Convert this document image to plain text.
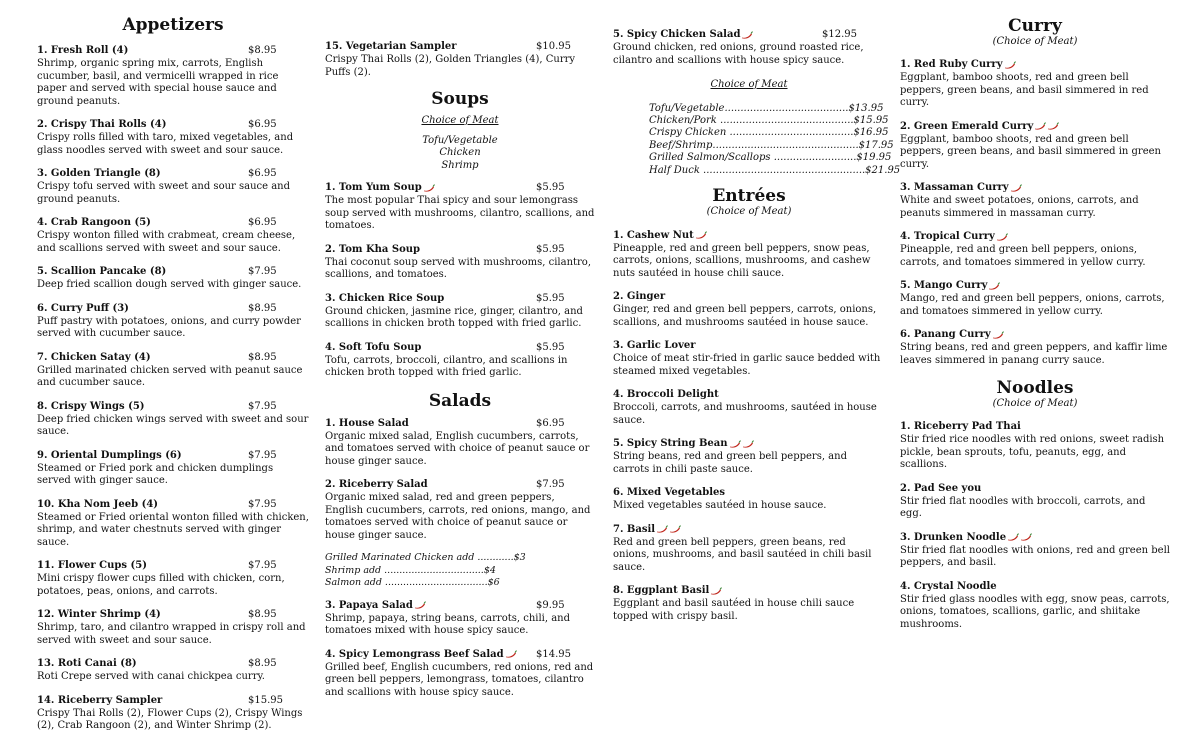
Appetizers
1. Fresh Roll (4)	$8.95
Shrimp, organic spring mix, carrots, English cucumber, basil, and vermicelli wrapped in rice paper and served with special house sauce and ground peanuts.
2. Crispy Thai Rolls (4)	$6.95
Crispy rolls filled with taro, mixed vegetables, and glass noodles served with sweet and sour sauce.
3. Golden Triangle (8)	$6.95
Crispy tofu served with sweet and sour sauce and ground peanuts.
4. Crab Rangoon (5)	$6.95
Crispy wonton filled with crabmeat, cream cheese, and scallions served with sweet and sour sauce.
5. Scallion Pancake (8)	$7.95
Deep fried scallion dough served with ginger sauce.
6. Curry Puff (3)	$8.95
Puff pastry with potatoes, onions, and curry powder served with cucumber sauce.
7. Chicken Satay (4)	$8.95
Grilled marinated chicken served with peanut sauce and cucumber sauce.
8. Crispy Wings (5)	$7.95
Deep fried chicken wings served with sweet and sour sauce.
9. Oriental Dumplings (6)	$7.95
Steamed or Fried pork and chicken dumplings served with ginger sauce.
10. Kha Nom Jeeb (4)	$7.95
Steamed or Fried oriental wonton filled with chicken, shrimp, and water chestnuts served with ginger sauce.
11. Flower Cups (5)	$7.95
Mini crispy flower cups filled with chicken, corn, potatoes, peas, onions, and carrots.
12. Winter Shrimp (4)	$8.95
Shrimp, taro, and cilantro wrapped in crispy roll and served with sweet and sour sauce.
13. Roti Canai (8)	$8.95
Roti Crepe served with canai chickpea curry.
14. Riceberry Sampler	$15.95
Crispy Thai Rolls (2), Flower Cups (2), Crispy Wings (2), Crab Rangoon (2), and Winter Shrimp (2).
15. Vegetarian Sampler	$10.95
Crispy Thai Rolls (2), Golden Triangles (4), Curry Puffs (2).
Soups
Choice of Meat
Tofu/Vegetable
Chicken
Shrimp
1. Tom Yum Soup	$5.95
The most popular Thai spicy and sour lemongrass soup served with mushrooms, cilantro, scallions, and tomatoes.
2. Tom Kha Soup	$5.95
Thai coconut soup served with mushrooms, cilantro, scallions, and tomatoes.
3. Chicken Rice Soup	$5.95
Ground chicken, jasmine rice, ginger, cilantro, and scallions in chicken broth topped with fried garlic.
4. Soft Tofu Soup	$5.95
Tofu, carrots, broccoli, cilantro, and scallions in chicken broth topped with fried garlic.
Salads
1. House Salad	$6.95
Organic mixed salad, English cucumbers, carrots, and tomatoes served with choice of peanut sauce or house ginger sauce.
2. Riceberry Salad	$7.95
Organic mixed salad, red and green peppers, English cucumbers, carrots, red onions, mango, and tomatoes served with choice of peanut sauce or house ginger sauce.
Grilled Marinated Chicken add ............$3
Shrimp add .................................$4
Salmon add ..................................$6
3. Papaya Salad	$9.95
Shrimp, papaya, string beans, carrots, chili, and tomatoes mixed with house spicy sauce.
4. Spicy Lemongrass Beef Salad	$14.95
Grilled beef, English cucumbers, red onions, red and green bell peppers, lemongrass, tomatoes, cilantro and scallions with house spicy sauce.
5. Spicy Chicken Salad	$12.95
Ground chicken, red onions, ground roasted rice, cilantro and scallions with house spicy sauce.
Choice of Meat
Tofu/Vegetable.......................................$13.95
Chicken/Pork ..........................................$15.95
Crispy Chicken .......................................$16.95
Beef/Shrimp..............................................$17.95
Grilled Salmon/Scallops ..........................$19.95
Half Duck ...................................................$21.95
Entrées
(Choice of Meat)
1. Cashew Nut
Pineapple, red and green bell peppers, snow peas, carrots, onions, scallions, mushrooms, and cashew nuts sautéed in house chili sauce.
2. Ginger
Ginger, red and green bell peppers, carrots, onions, scallions, and mushrooms sautéed in house sauce.
3. Garlic Lover
Choice of meat stir-fried in garlic sauce bedded with steamed mixed vegetables.
4. Broccoli Delight
Broccoli, carrots, and mushrooms, sautéed in house sauce.
5. Spicy String Bean
String beans, red and green bell peppers, and carrots in chili paste sauce.
6. Mixed Vegetables
Mixed vegetables sautéed in house sauce.
7. Basil
Red and green bell peppers, green beans, red onions, mushrooms, and basil sautéed in chili basil sauce.
8. Eggplant Basil
Eggplant and basil sautéed in house chili sauce topped with crispy basil.
Curry
(Choice of Meat)
1. Red Ruby Curry
Eggplant, bamboo shoots, red and green bell peppers, green beans, and basil simmered in red curry.
2. Green Emerald Curry
Eggplant, bamboo shoots, red and green bell peppers, green beans, and basil simmered in green curry.
3. Massaman Curry
White and sweet potatoes, onions, carrots, and peanuts simmered in massaman curry.
4. Tropical Curry
Pineapple, red and green bell peppers, onions, carrots, and tomatoes simmered in yellow curry.
5. Mango Curry
Mango, red and green bell peppers, onions, carrots, and tomatoes simmered in yellow curry.
6. Panang Curry
String beans, red and green peppers, and kaffir lime leaves simmered in panang curry sauce.
Noodles
(Choice of Meat)
1. Riceberry Pad Thai
Stir fried rice noodles with red onions, sweet radish pickle, bean sprouts, tofu, peanuts, egg, and scallions.
2. Pad See you
Stir fried flat noodles with broccoli, carrots, and egg.
3. Drunken Noodle
Stir fried flat noodles with onions, red and green bell peppers, and basil.
4. Crystal Noodle
Stir fried glass noodles with egg, snow peas, carrots, onions, tomatoes, scallions, garlic, and shiitake mushrooms.
